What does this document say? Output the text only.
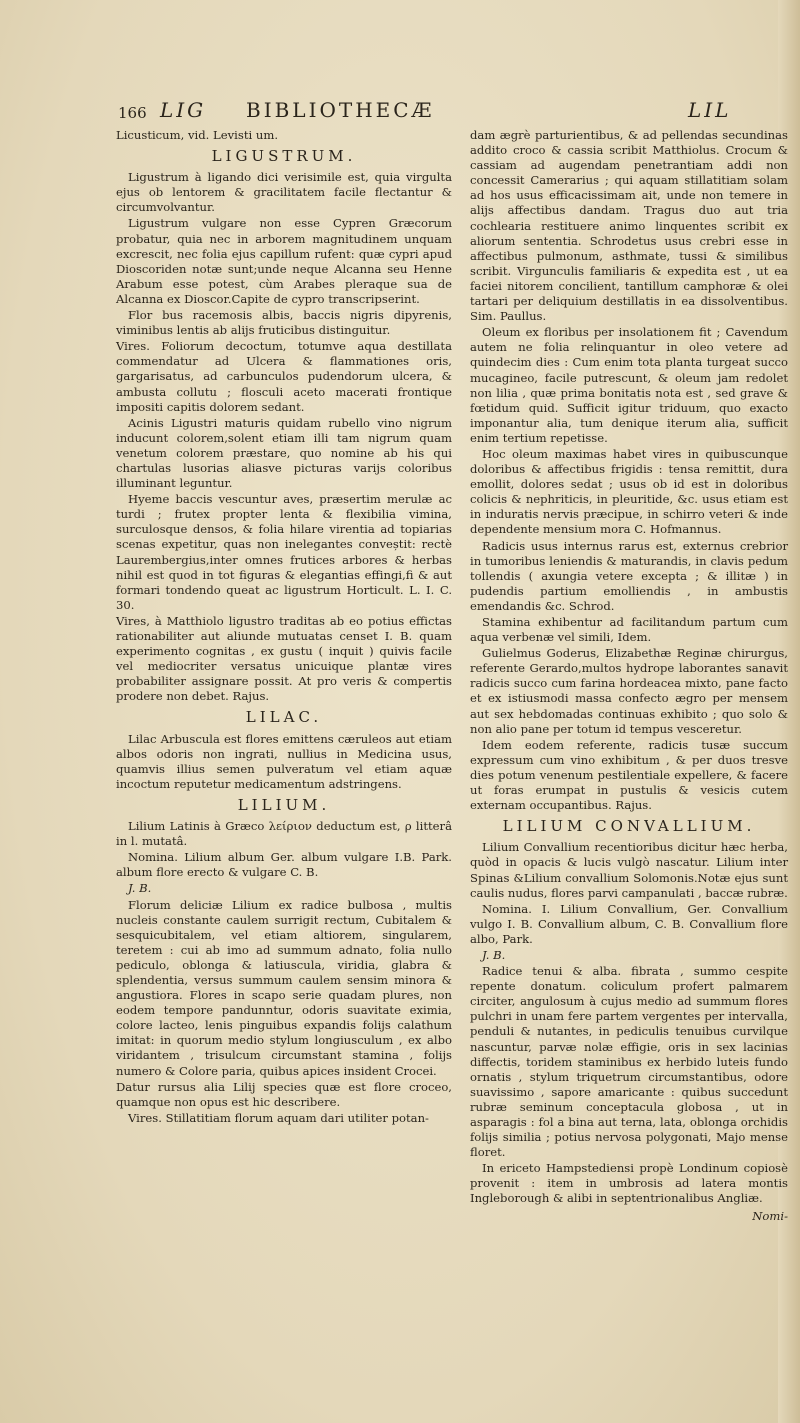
166 LIG BIBLIOTHECÆ	LIL

Licusticum, vid. Levisti um.

LIGUSTRUM.

Ligustrum à ligando dici verisimile est, quia virgulta ejus ob lentorem & gracilitatem facile flectantur & circumvolvantur.

Ligustrum vulgare non esse Cypren Græcorum probatur, quia nec in arborem magnitudinem unquam excrescit, nec folia ejus capillum rufent: quæ cypri apud Dioscoriden notæ sunt;unde neque Alcanna seu Henne Arabum esse potest, cùm Arabes pleraque sua de Alcanna ex Dioscor.Capite de cypro transcripserint.

Flor bus racemosis albis, baccis nigris dipyrenis, viminibus lentis ab alijs fruticibus distinguitur.

Vires. Foliorum decoctum, totumve aqua destillata commendatur ad Ulcera & flammationes oris, gargarisatus, ad carbunculos pudendorum ulcera, & ambusta collutu ; flosculi aceto macerati frontique impositi capitis dolorem sedant.

Acinis Ligustri maturis quidam rubello vino nigrum inducunt colorem,solent etiam illi tam nigrum quam venetum colorem præstare, quo nomine ab his qui chartulas lusorias aliasve picturas varijs coloribus illuminant leguntur.

Hyeme baccis vescuntur aves, præsertim merulæ ac turdi ; frutex propter lenta & flexibilia vimina, surculosque densos, & folia hilare virentia ad topiarias scenas expetitur, quas non inelegantes conveștit: rectè Laurembergius,inter omnes frutices arbores & herbas nihil est quod in tot figuras & elegantias effingi,fi & aut formari tondendo queat ac ligustrum Horticult. L. I. C. 30.

Vires, à Matthiolo ligustro traditas ab eo potius effictas rationabiliter aut aliunde mutuatas censet I. B. quam experimento cognitas , ex gustu ( inquit ) quivis facile vel mediocriter versatus unicuique plantæ vires probabiliter assignare possit. At pro veris & compertis prodere non debet. Rajus.

LILAC.

Lilac Arbuscula est flores emittens cæruleos aut etiam albos odoris non ingrati, nullius in Medicina usus, quamvis illius semen pulveratum vel etiam aquæ incoctum reputetur medicamentum adstringens.

LILIUM.

Lilium Latinis à Græco λείριον deductum est, ρ litterâ in l. mutatâ.

Nomina. Lilium album Ger. album vulgare I.B. Park. album flore erecto & vulgare C. B.

J. B.

Florum deliciæ Lilium ex radice bulbosa , multis nucleis constante caulem surrigit rectum, Cubitalem & sesquicubitalem, vel etiam altiorem, singularem, teretem : cui ab imo ad summum adnato, folia nullo pediculo, oblonga & latiuscula, viridia, glabra & splendentia, versus summum caulem sensim minora & angustiora. Flores in scapo serie quadam plures, non eodem tempore pandunntur, odoris suavitate eximia, colore lacteo, lenis pinguibus expandis folijs calathum imitat: in quorum medio stylum longiusculum , ex albo viridantem , trisulcum circumstant stamina , folijs numero & Colore paria, quibus apices insident Crocei.

Datur rursus alia Lilij species quæ est flore croceo, quamque non opus est hic describere.

Vires. Stillatitiam florum aquam dari utiliter potan-

dam ægrè parturientibus, & ad pellendas secundinas addito croco & cassia scribit Matthiolus. Crocum & cassiam ad augendam penetrantiam addi non concessit Camerarius ; qui aquam stillatitiam solam ad hos usus efficacissimam ait, unde non temere in alijs affectibus dandam. Tragus duo aut tria cochlearia restituere animo linquentes scribit ex aliorum sententia. Schrodetus usus crebri esse in affectibus pulmonum, asthmate, tussi & similibus scribit. Virgunculis familiaris & expedita est , ut ea faciei nitorem concilient, tantillum camphoræ & olei tartari per deliquium destillatis in ea dissolventibus. Sim. Paullus.

Oleum ex floribus per insolationem fit ; Cavendum autem ne folia relinquantur in oleo vetere ad quindecim dies : Cum enim tota planta turgeat succo mucagineo, facile putrescunt, & oleum jam redolet non lilia , quæ prima bonitatis nota est , sed grave & fœtidum quid. Sufficit igitur triduum, quo exacto imponantur alia, tum denique iterum alia, sufficit enim tertium repetisse.

Hoc oleum maximas habet vires in quibuscunque doloribus & affectibus frigidis : tensa remittit, dura emollit, dolores sedat ; usus ob id est in doloribus colicis & nephriticis, in pleuritide, &c. usus etiam est in induratis nervis præcipue, in schirro veteri & inde dependente mensium mora C. Hofmannus.

Radicis usus internus rarus est, externus crebrior in tumoribus leniendis & maturandis, in clavis pedum tollendis ( axungia vetere excepta ; & illitæ ) in pudendis partium emolliendis , in ambustis emendandis &c. Schrod.

Stamina exhibentur ad facilitandum partum cum aqua verbenæ vel simili, Idem.

Gulielmus Goderus, Elizabethæ Reginæ chirurgus, referente Gerardo,multos hydrope laborantes sanavit radicis succo cum farina hordeacea mixto, pane facto et ex istiusmodi massa confecto ægro per mensem aut sex hebdomadas continuas exhibito ; quo solo & non alio pane per totum id tempus vesceretur.

Idem eodem referente, radicis tusæ succum expressum cum vino exhibitum , & per duos tresve dies potum venenum pestilentiale expellere, & facere ut foras erumpat in pustulis & vesicis cutem externam occupantibus. Rajus.

LILIUM CONVALLIUM.

Lilium Convallium recentioribus dicitur hæc herba, quòd in opacis & lucis vulgò nascatur. Lilium inter Spinas &Lilium convallium Solomonis.Notæ ejus sunt caulis nudus, flores parvi campanulati , baccæ rubræ.

Nomina. I. Lilium Convallium, Ger. Convallium vulgo I. B. Convallium album, C. B. Convallium flore albo, Park.

J. B.

Radice tenui & alba. fibrata , summo cespite repente donatum. coliculum profert palmarem circiter, angulosum à cujus medio ad summum flores pulchri in unam fere partem vergentes per intervalla, penduli & nutantes, in pediculis tenuibus curvilque nascuntur, parvæ nolæ effigie, oris in sex lacinias diffectis, toridem staminibus ex herbido luteis fundo ornatis , stylum triquetrum circumstantibus, odore suavissimo , sapore amaricante : quibus succedunt rubræ seminum conceptacula globosa , ut in asparagis : fol a bina aut terna, lata, oblonga orchidis folijs similia ; potius nervosa polygonati, Majo mense floret.

In ericeto Hampstediensi propè Londinum copiosè provenit : item in umbrosis ad latera montis Ingleborough & alibi in septentrionalibus Angliæ.

Nomi-
